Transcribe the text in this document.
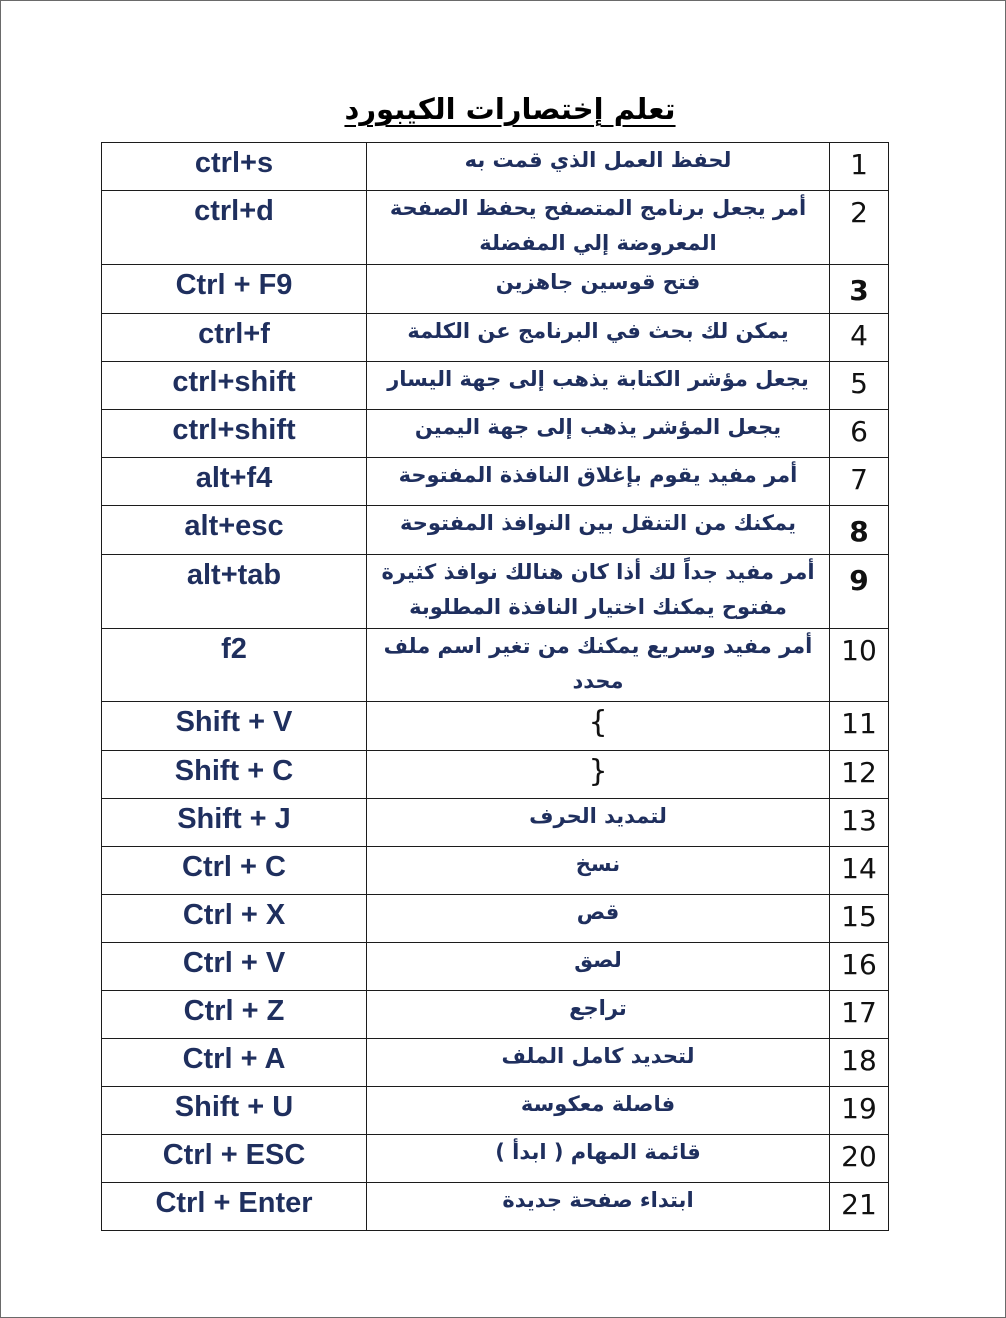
تعلم إختصارات الكيبورد
ctrl+s	لحفظ العمل الذي قمت به	1
ctrl+d	أمر يجعل برنامج المتصفح يحفظ الصفحة المعروضة إلي المفضلة	2
Ctrl + F9	فتح قوسين جاهزين	3
ctrl+f	يمكن لك بحث في البرنامج عن الكلمة	4
ctrl+shift	يجعل مؤشر الكتابة يذهب إلى جهة اليسار	5
ctrl+shift	يجعل المؤشر يذهب إلى جهة اليمين	6
alt+f4	أمر مفيد يقوم بإغلاق النافذة المفتوحة	7
alt+esc	يمكنك من التنقل بين النوافذ المفتوحة	8
alt+tab	أمر مفيد جداً لك أذا كان هنالك نوافذ كثيرة مفتوح يمكنك اختيار النافذة المطلوبة	9
f2	أمر مفيد وسريع يمكنك من تغير اسم ملف محدد	10
Shift + V	}	11
Shift + C	{	12
Shift + J	لتمديد الحرف	13
Ctrl + C	نسخ	14
Ctrl + X	قص	15
Ctrl + V	لصق	16
Ctrl + Z	تراجع	17
Ctrl + A	لتحديد كامل الملف	18
Shift + U	فاصلة معكوسة	19
Ctrl + ESC	قائمة المهام ( ابدأ )	20
Ctrl + Enter	ابتداء صفحة جديدة	21
